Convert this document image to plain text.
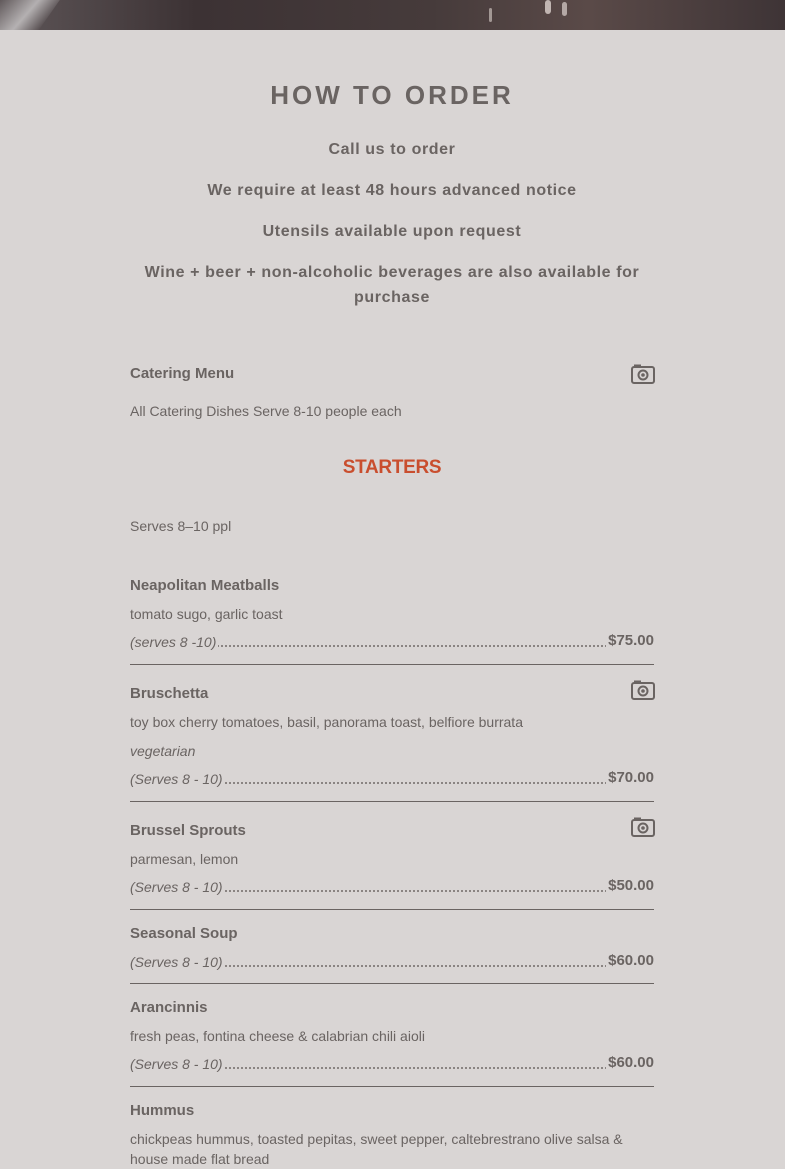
HOW TO ORDER

Call us to order

We require at least 48 hours advanced notice

Utensils available upon request

Wine + beer + non-alcoholic beverages are also available for purchase

Catering Menu
All Catering Dishes Serve 8-10 people each
STARTERS
Serves 8–10 ppl
Neapolitan Meatballs
tomato sugo, garlic toast
(serves 8 -10)	$75.00
Bruschetta
toy box cherry tomatoes, basil, panorama toast, belfiore burrata
vegetarian
(Serves 8 - 10)	$70.00
Brussel Sprouts
parmesan, lemon
(Serves 8 - 10)	$50.00
Seasonal Soup
(Serves 8 - 10)	$60.00
Arancinnis
fresh peas, fontina cheese & calabrian chili aioli
(Serves 8 - 10)	$60.00
Hummus
chickpeas hummus, toasted pepitas, sweet pepper, caltebrestrano olive salsa & house made flat bread
